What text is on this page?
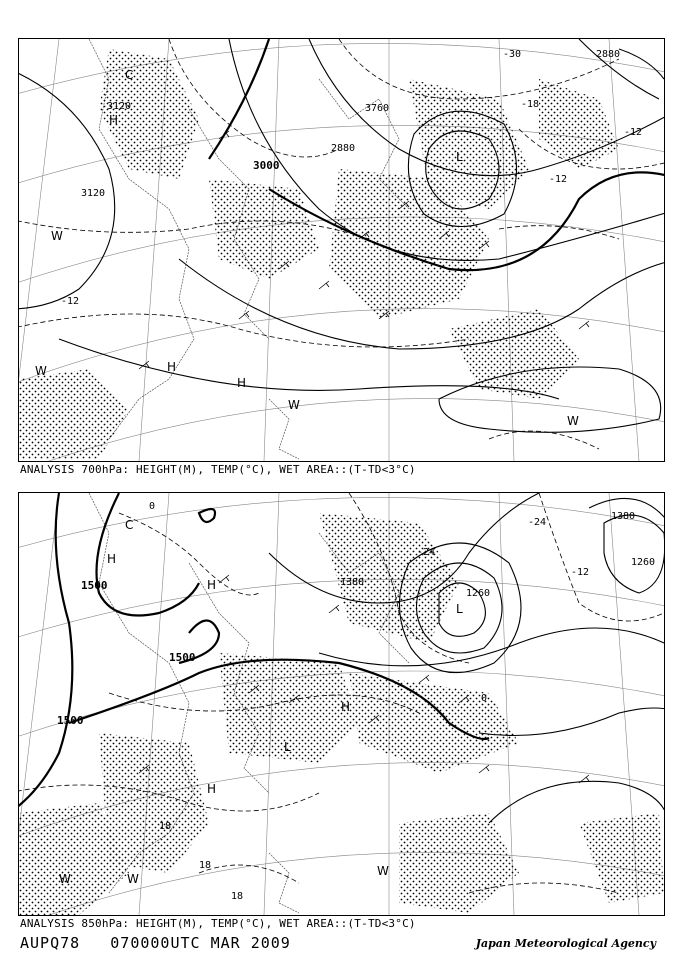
3120
3120
3000
2880
2880
3760
-30
-12
-12
-18
-12
H
L
H
H
W
W
W
W
C
ANALYSIS 700hPa: HEIGHT(M), TEMP(°C), WET AREA::(T-TD<3°C)
1500
1500
1500
1380
1380
1260
1260
-24
-24
-12
18
18
18
0
0
H
H
H
L
L
H
W	W
W
C
ANALYSIS 850hPa: HEIGHT(M), TEMP(°C), WET AREA::(T-TD<3°C)
AUPQ78 070000UTC MAR 2009	Japan Meteorological Agency
